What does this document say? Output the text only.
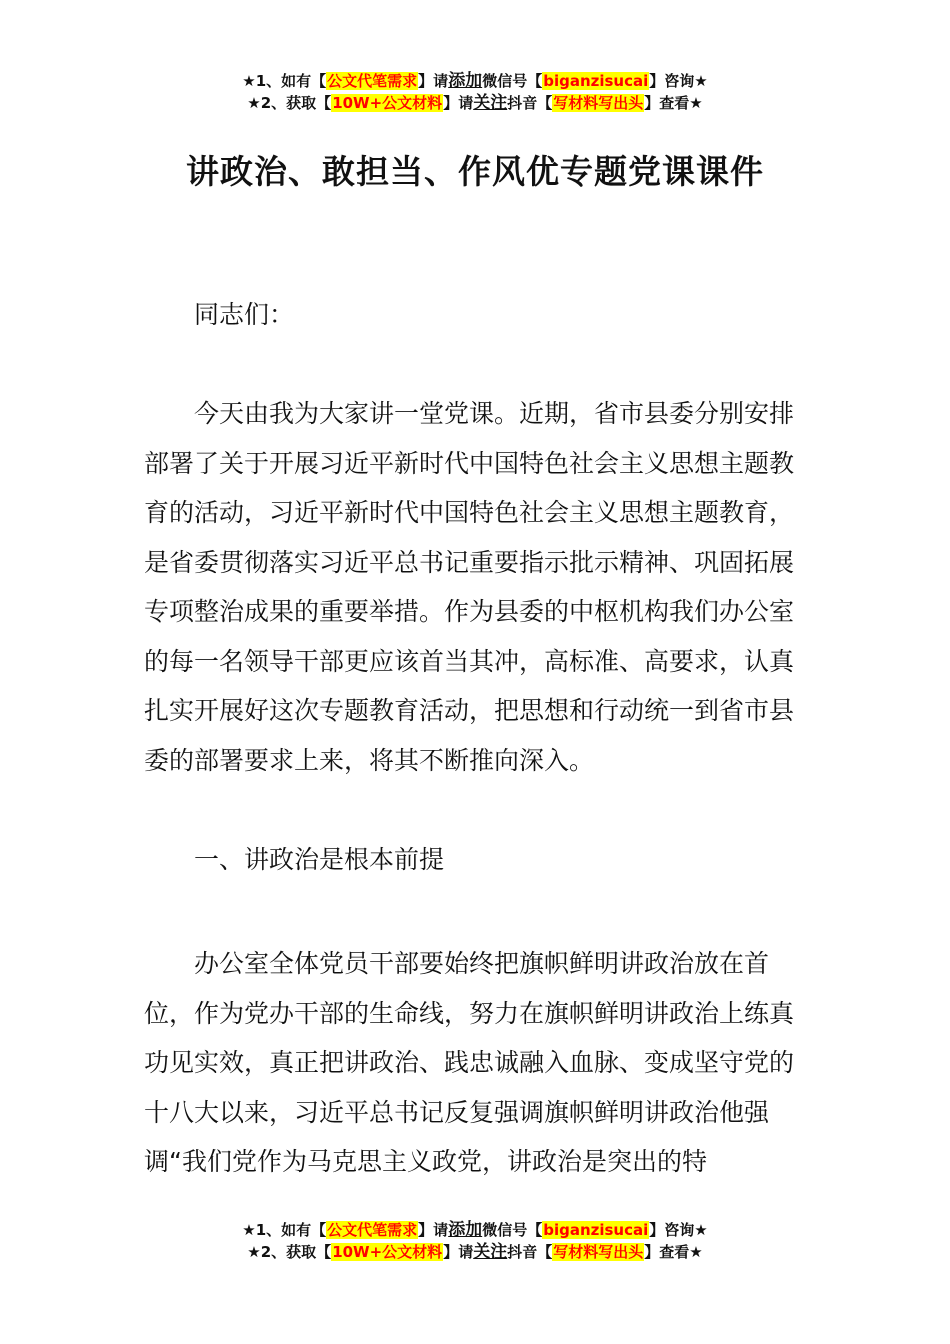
★1、如有【公文代笔需求】请添加微信号【biganzisucai】咨询★
★2、获取【10W+公文材料】请关注抖音【写材料写出头】查看★
讲政治、敢担当、作风优专题党课课件
同志们：
今天由我为大家讲一堂党课。近期，省市县委分别安排部署了关于开展习近平新时代中国特色社会主义思想主题教育的活动，习近平新时代中国特色社会主义思想主题教育，是省委贯彻落实习近平总书记重要指示批示精神、巩固拓展专项整治成果的重要举措。作为县委的中枢机构我们办公室的每一名领导干部更应该首当其冲，高标准、高要求，认真扎实开展好这次专题教育活动，把思想和行动统一到省市县委的部署要求上来，将其不断推向深入。
一、讲政治是根本前提
办公室全体党员干部要始终把旗帜鲜明讲政治放在首位，作为党办干部的生命线，努力在旗帜鲜明讲政治上练真功见实效，真正把讲政治、践忠诚融入血脉、变成坚守党的十八大以来，习近平总书记反复强调旗帜鲜明讲政治他强调“我们党作为马克思主义政党，讲政治是突出的特
★1、如有【公文代笔需求】请添加微信号【biganzisucai】咨询★
★2、获取【10W+公文材料】请关注抖音【写材料写出头】查看★
